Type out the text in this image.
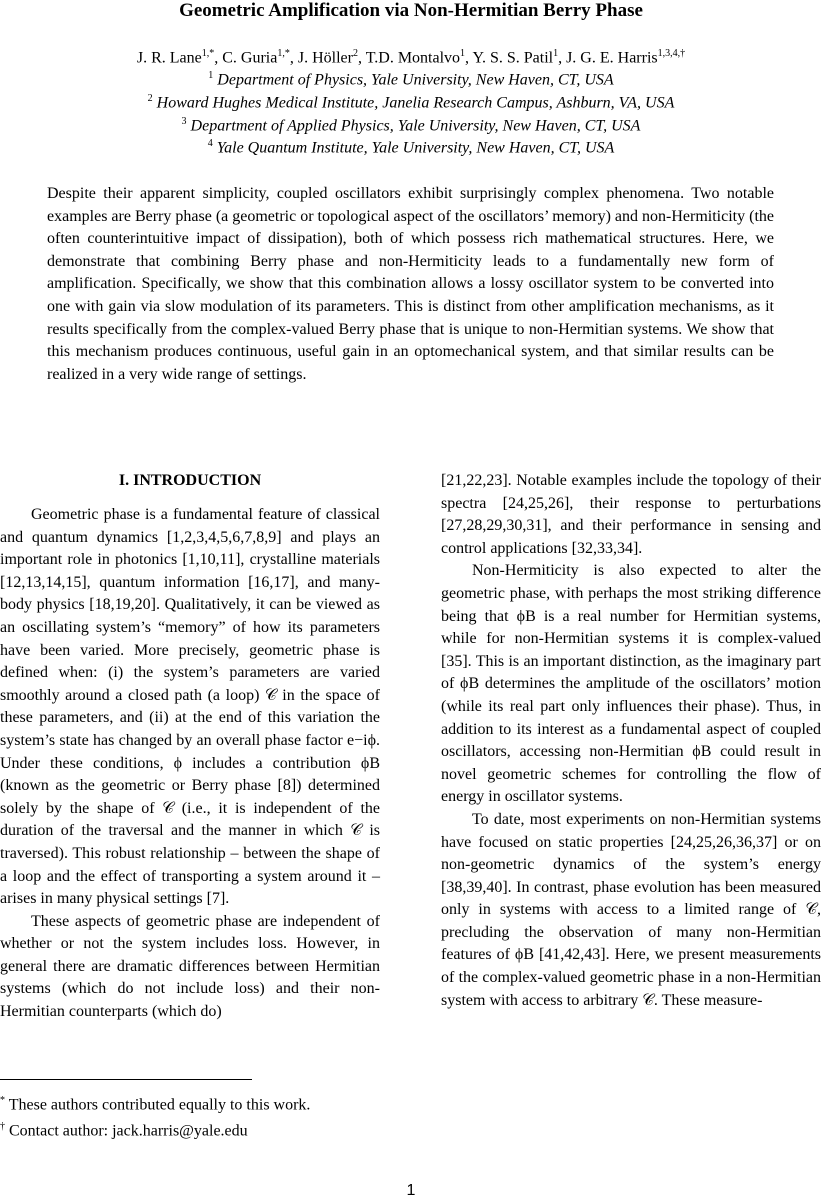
Geometric Amplification via Non-Hermitian Berry Phase
J. R. Lane$^{1,*}$, C. Guria$^{1,*}$, J. Höller$^2$, T.D. Montalvo$^1$, Y. S. S. Patil$^1$, J. G. E. Harris$^{1,3,4,\dagger}$
$^1$ Department of Physics, Yale University, New Haven, CT, USA
$^2$ Howard Hughes Medical Institute, Janelia Research Campus, Ashburn, VA, USA
$^3$ Department of Applied Physics, Yale University, New Haven, CT, USA
$^4$ Yale Quantum Institute, Yale University, New Haven, CT, USA
Despite their apparent simplicity, coupled oscillators exhibit surprisingly complex phenomena. Two notable examples are Berry phase (a geometric or topological aspect of the oscillators’ memory) and non-Hermiticity (the often counterintuitive impact of dissipation), both of which possess rich mathematical structures. Here, we demonstrate that combining Berry phase and non-Hermiticity leads to a fundamentally new form of amplification. Specifically, we show that this combination allows a lossy oscillator system to be converted into one with gain via slow modulation of its parameters. This is distinct from other amplification mechanisms, as it results specifically from the complex-valued Berry phase that is unique to non-Hermitian systems. We show that this mechanism produces continuous, useful gain in an optomechanical system, and that similar results can be realized in a very wide range of settings.
I. INTRODUCTION

Geometric phase is a fundamental feature of classical and quantum dynamics [1,2,3,4,5,6,7,8,9] and plays an important role in photonics [1,10,11], crystalline materials [12,13,14,15], quantum information [16,17], and many-body physics [18,19,20]. Qualitatively, it can be viewed as an oscillating system’s “memory” of how its parameters have been varied. More precisely, geometric phase is defined when: (i) the system’s parameters are varied smoothly around a closed path (a loop) 𝒞 in the space of these parameters, and (ii) at the end of this variation the system’s state has changed by an overall phase factor e−iϕ. Under these conditions, ϕ includes a contribution ϕB (known as the geometric or Berry phase [8]) determined solely by the shape of 𝒞 (i.e., it is independent of the duration of the traversal and the manner in which 𝒞 is traversed). This robust relationship – between the shape of a loop and the effect of transporting a system around it – arises in many physical settings [7].

These aspects of geometric phase are independent of whether or not the system includes loss. However, in general there are dramatic differences between Hermitian systems (which do not include loss) and their non-Hermitian counterparts (which do)

[21,22,23]. Notable examples include the topology of their spectra [24,25,26], their response to perturbations [27,28,29,30,31], and their performance in sensing and control applications [32,33,34].

Non-Hermiticity is also expected to alter the geometric phase, with perhaps the most striking difference being that ϕB is a real number for Hermitian systems, while for non-Hermitian systems it is complex-valued [35]. This is an important distinction, as the imaginary part of ϕB determines the amplitude of the oscillators’ motion (while its real part only influences their phase). Thus, in addition to its interest as a fundamental aspect of coupled oscillators, accessing non-Hermitian ϕB could result in novel geometric schemes for controlling the flow of energy in oscillator systems.

To date, most experiments on non-Hermitian systems have focused on static properties [24,25,26,36,37] or on non-geometric dynamics of the system’s energy [38,39,40]. In contrast, phase evolution has been measured only in systems with access to a limited range of 𝒞, precluding the observation of many non-Hermitian features of ϕB [41,42,43]. Here, we present measurements of the complex-valued geometric phase in a non-Hermitian system with access to arbitrary 𝒞. These measure-

* These authors contributed equally to this work.
† Contact author: jack.harris@yale.edu
1
